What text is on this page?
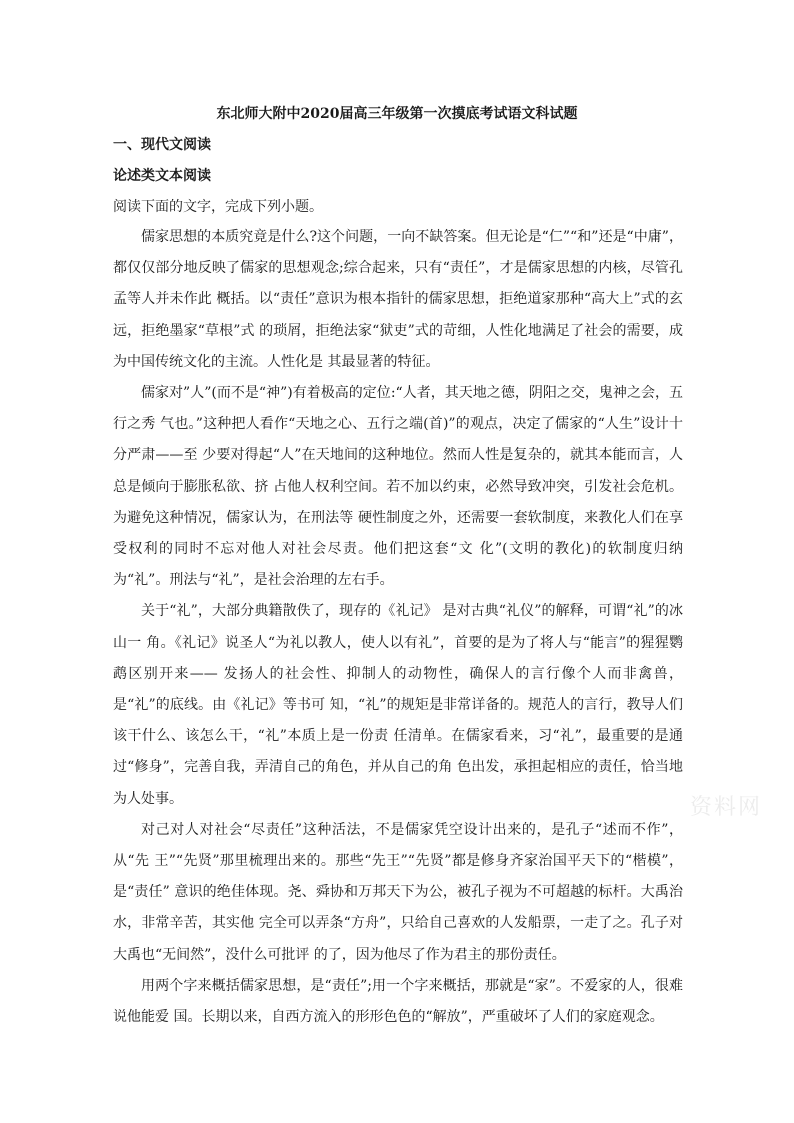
东北师大附中2020届高三年级第一次摸底考试语文科试题
一、现代文阅读
论述类文本阅读
阅读下面的文字，完成下列小题。

儒家思想的本质究竟是什么?这个问题，一向不缺答案。但无论是“仁”“和”还是“中庸”，都仅仅部分地反映了儒家的思想观念;综合起来，只有“责任”，才是儒家思想的内核，尽管孔孟等人并未作此 概括。以“责任”意识为根本指针的儒家思想，拒绝道家那种“高大上”式的玄远，拒绝墨家“草根”式 的琐屑，拒绝法家“狱吏”式的苛细，人性化地满足了社会的需要，成为中国传统文化的主流。人性化是 其最显著的特征。

儒家对”人”(而不是“神”)有着极高的定位:“人者，其天地之德，阴阳之交，鬼神之会，五行之秀 气也。”这种把人看作“天地之心、五行之端(首)”的观点，决定了儒家的“人生”设计十分严肃——至 少要对得起“人”在天地间的这种地位。然而人性是复杂的，就其本能而言，人总是倾向于膨胀私欲、挤 占他人权利空间。若不加以约束，必然导致冲突，引发社会危机。为避免这种情况，儒家认为，在刑法等 硬性制度之外，还需要一套软制度，来教化人们在享受权利的同时不忘对他人对社会尽责。他们把这套“文 化”(文明的教化)的软制度归纳为“礼”。刑法与“礼”，是社会治理的左右手。

关于“礼”，大部分典籍散佚了，现存的《礼记》 是对古典“礼仪”的解释，可谓“礼”的冰山一 角。《礼记》说圣人“为礼以教人，使人以有礼”，首要的是为了将人与“能言”的猩猩鹦鹉区别开来—— 发扬人的社会性、抑制人的动物性，确保人的言行像个人而非禽兽，是“礼”的底线。由《礼记》等书可 知，“礼”的规矩是非常详备的。规范人的言行，教导人们该干什么、该怎么干，“礼”本质上是一份责 任清单。在儒家看来，习“礼”，最重要的是通过“修身”，完善自我，弄清自己的角色，并从自己的角 色出发，承担起相应的责任，恰当地为人处事。

对己对人对社会“尽责任”这种活法，不是儒家凭空设计出来的，是孔子“述而不作”，从“先 王”“先贤”那里梳理出来的。那些“先王”“先贤”都是修身齐家治国平天下的“楷模”，是“责任” 意识的绝佳体现。尧、舜协和万邦天下为公，被孔子视为不可超越的标杆。大禹治水，非常辛苦，其实他 完全可以弄条“方舟”，只给自己喜欢的人发船票，一走了之。孔子对大禹也“无间然”，没什么可批评 的了，因为他尽了作为君主的那份责任。

用两个字来概括儒家思想，是“责任”;用一个字来概括，那就是“家”。不爱家的人，很难说他能爱 国。长期以来，自西方流入的形形色色的“解放”，严重破坏了人们的家庭观念。

资料网
